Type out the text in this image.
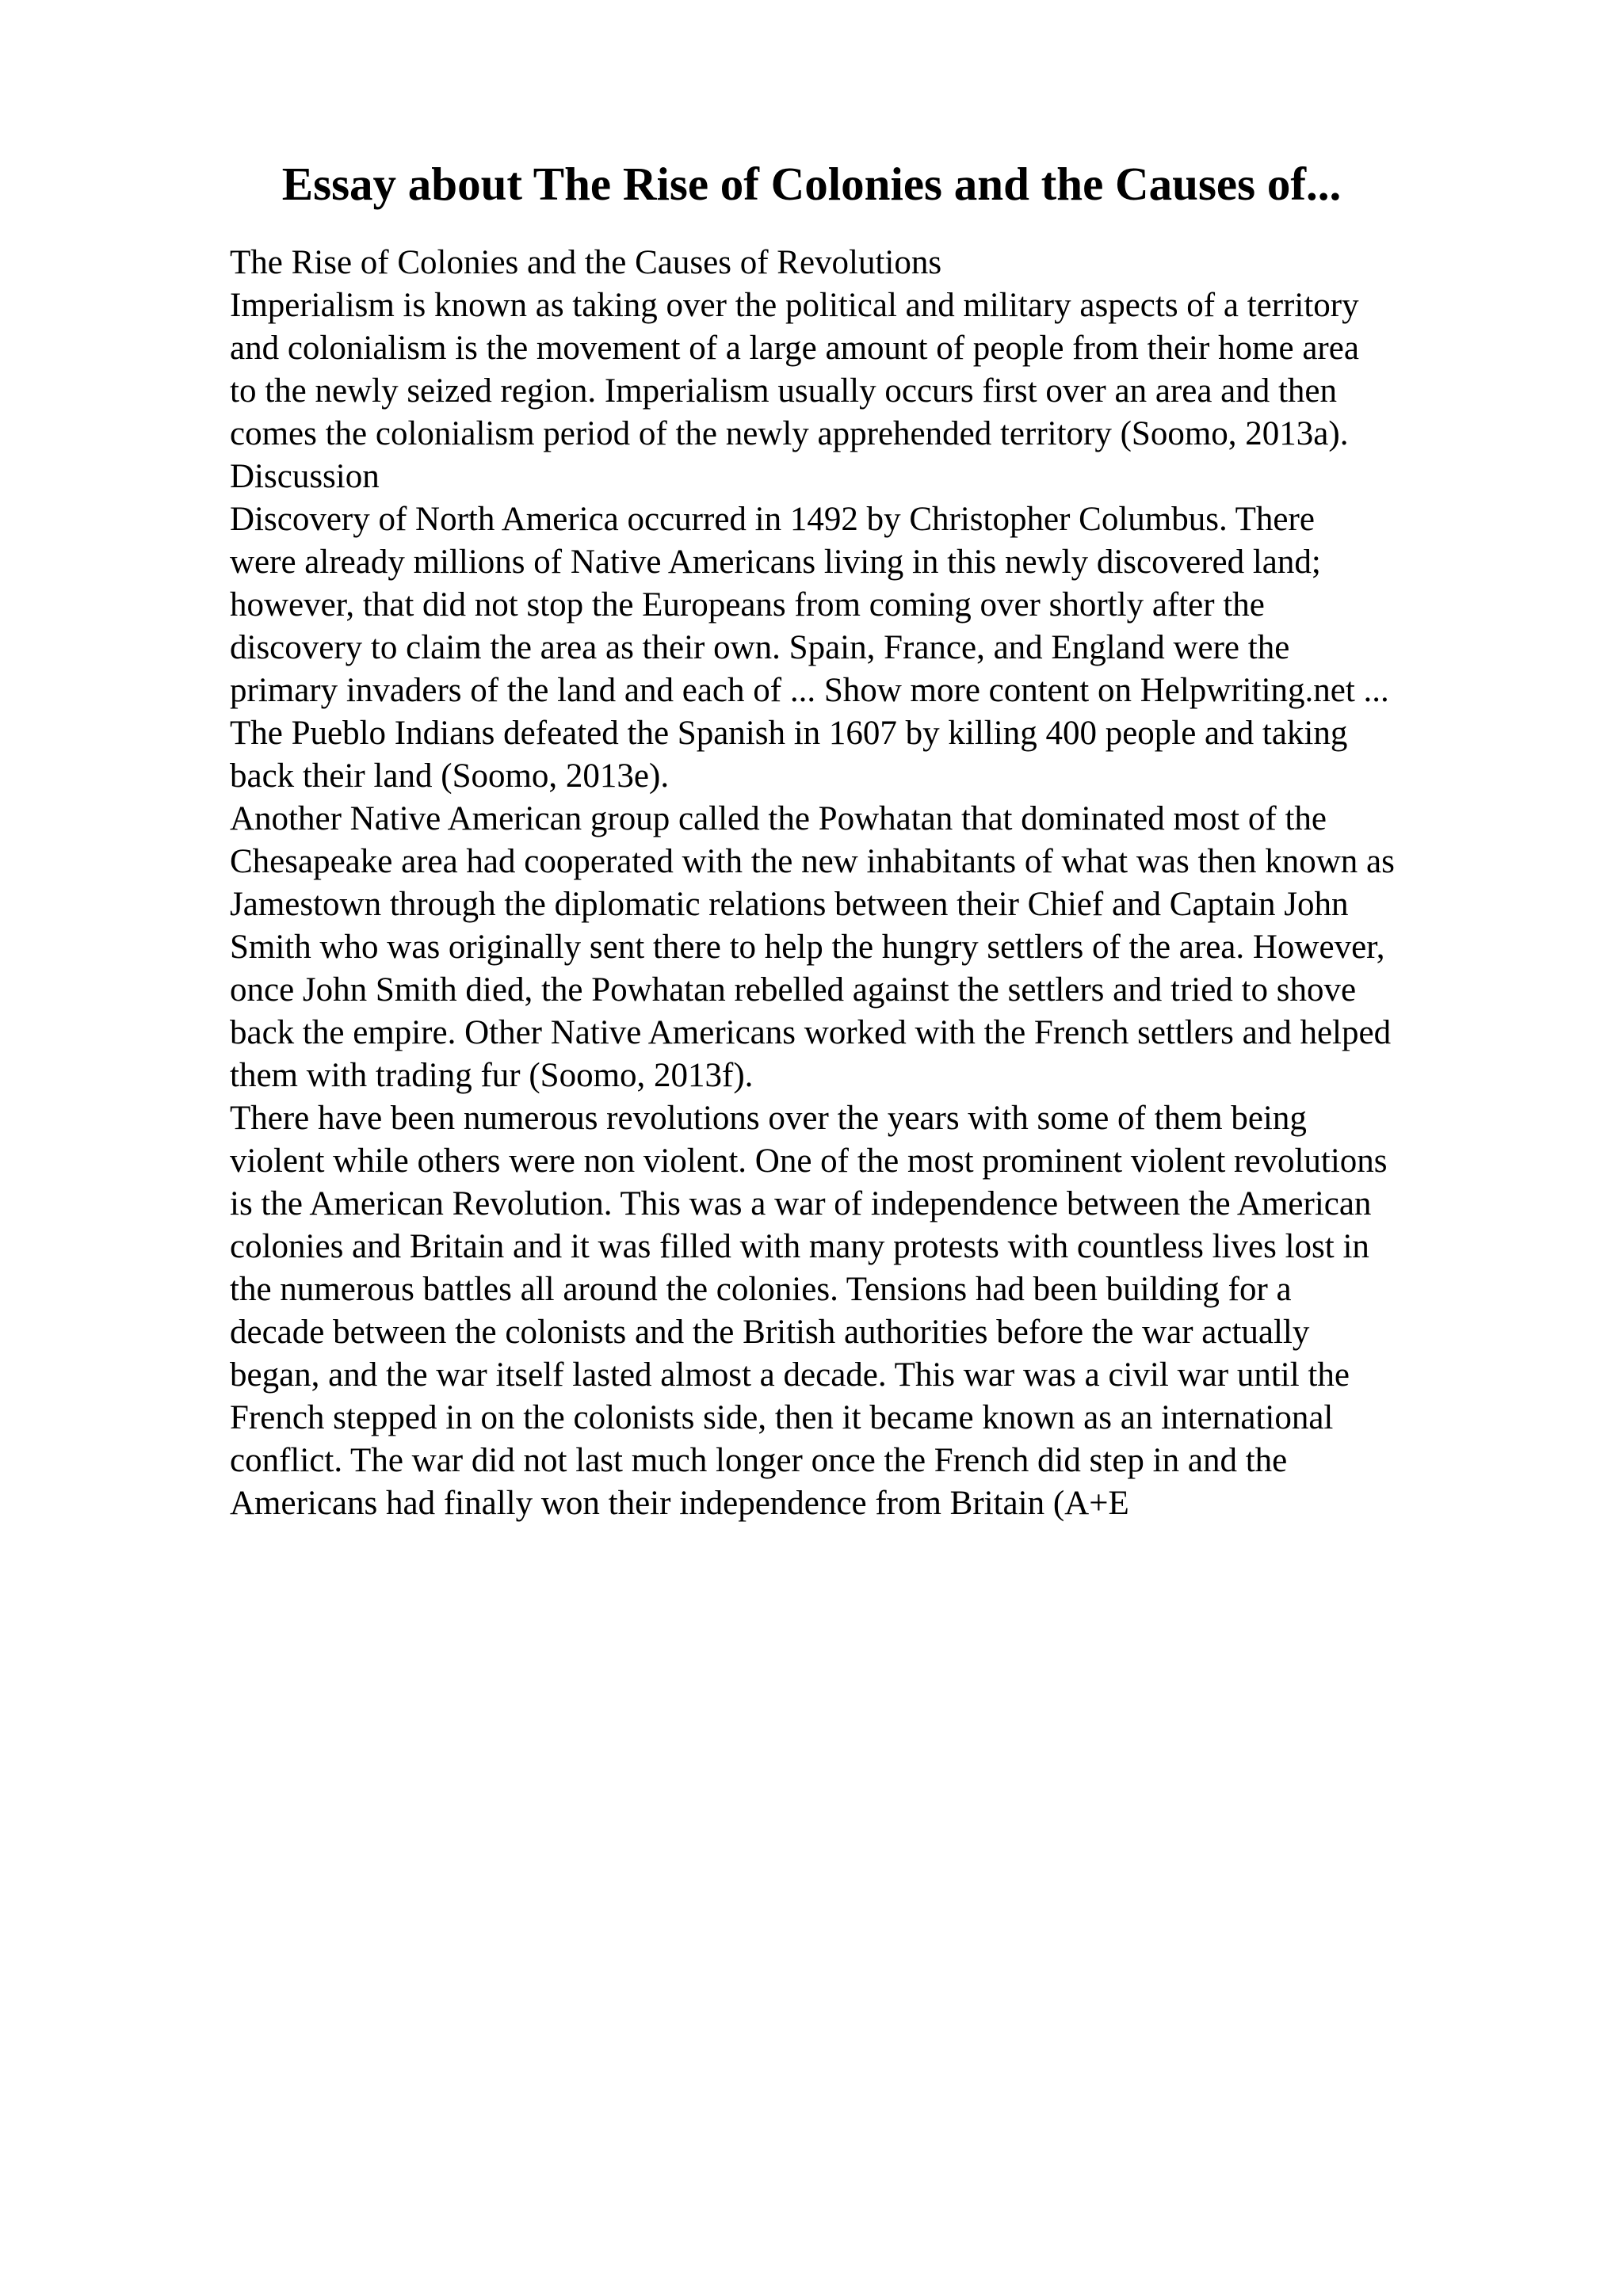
Essay about The Rise of Colonies and the Causes of...
The Rise of Colonies and the Causes of Revolutions
Imperialism is known as taking over the political and military aspects of a territory
and colonialism is the movement of a large amount of people from their home area
to the newly seized region. Imperialism usually occurs first over an area and then
comes the colonialism period of the newly apprehended territory (Soomo, 2013a).
Discussion
Discovery of North America occurred in 1492 by Christopher Columbus. There
were already millions of Native Americans living in this newly discovered land;
however, that did not stop the Europeans from coming over shortly after the
discovery to claim the area as their own. Spain, France, and England were the
primary invaders of the land and each of ... Show more content on Helpwriting.net ...
The Pueblo Indians defeated the Spanish in 1607 by killing 400 people and taking
back their land (Soomo, 2013e).
Another Native American group called the Powhatan that dominated most of the
Chesapeake area had cooperated with the new inhabitants of what was then known as
Jamestown through the diplomatic relations between their Chief and Captain John
Smith who was originally sent there to help the hungry settlers of the area. However,
once John Smith died, the Powhatan rebelled against the settlers and tried to shove
back the empire. Other Native Americans worked with the French settlers and helped
them with trading fur (Soomo, 2013f).
There have been numerous revolutions over the years with some of them being
violent while others were non violent. One of the most prominent violent revolutions
is the American Revolution. This was a war of independence between the American
colonies and Britain and it was filled with many protests with countless lives lost in
the numerous battles all around the colonies. Tensions had been building for a
decade between the colonists and the British authorities before the war actually
began, and the war itself lasted almost a decade. This war was a civil war until the
French stepped in on the colonists side, then it became known as an international
conflict. The war did not last much longer once the French did step in and the
Americans had finally won their independence from Britain (A+E
